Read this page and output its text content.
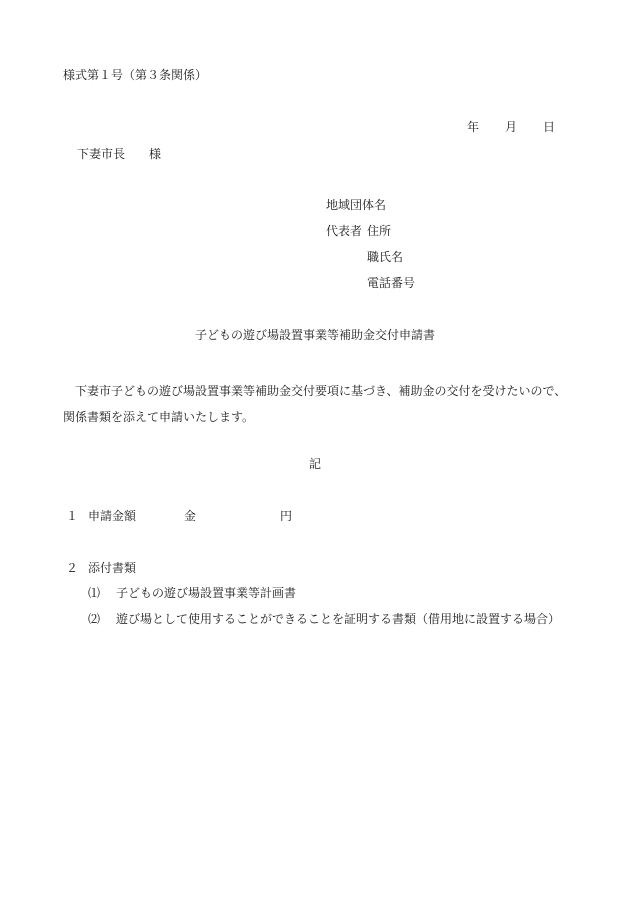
様式第１号（第３条関係）
年 月 日
下妻市長　　様
地域団体名
代表者 住所
職氏名
電話番号
子どもの遊び場設置事業等補助金交付申請書
下妻市子どもの遊び場設置事業等補助金交付要項に基づき、補助金の交付を受けたいので、
関係書類を添えて申請いたします。
記
１ 申請金額	金	円
２ 添付書類
⑴ 子どもの遊び場設置事業等計画書
⑵ 遊び場として使用することができることを証明する書類（借用地に設置する場合）
